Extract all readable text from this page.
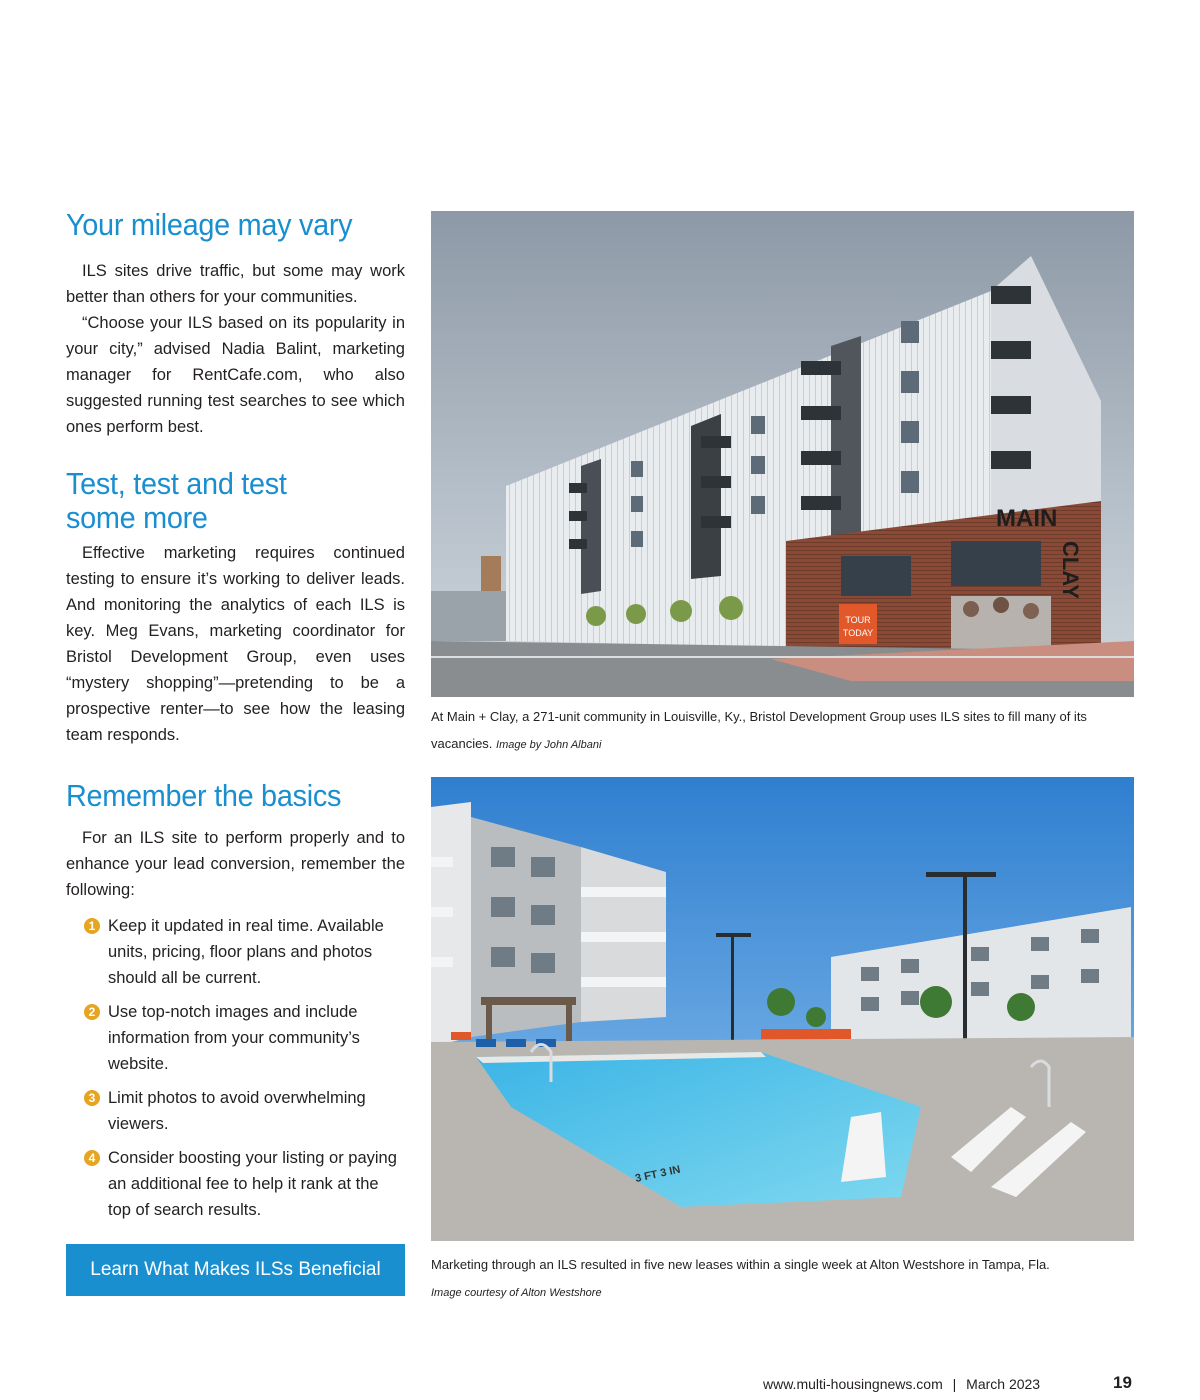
Your mileage may vary

ILS sites drive traffic, but some may work better than others for your communities.

“Choose your ILS based on its popularity in your city,” advised Nadia Balint, marketing manager for RentCafe.com, who also suggested running test searches to see which ones perform best.

Test, test and test
some more

Effective marketing requires continued testing to ensure it’s working to deliver leads. And monitoring the analytics of each ILS is key. Meg Evans, marketing coordinator for Bristol Development Group, even uses “mystery shopping”—pretending to be a prospective renter—to see how the leasing team responds.

Remember the basics

For an ILS site to perform properly and to enhance your lead conversion, remember the following:

1 Keep it updated in real time. Available units, pricing, floor plans and photos should all be current.
2 Use top-notch images and include information from your community’s website.
3 Limit photos to avoid overwhelming viewers.
4 Consider boosting your listing or paying an additional fee to help it rank at the top of search results.
Learn What Makes ILSs Beneficial
MAIN
CLAY
TOUR
TODAY
At Main + Clay, a 271-unit community in Louisville, Ky., Bristol Development Group uses ILS sites to fill many of its vacancies. Image by John Albani
3 FT 3 IN
Marketing through an ILS resulted in five new leases within a single week at Alton Westshore in Tampa, Fla.
Image courtesy of Alton Westshore
www.multi-housingnews.com | March 2023	19
